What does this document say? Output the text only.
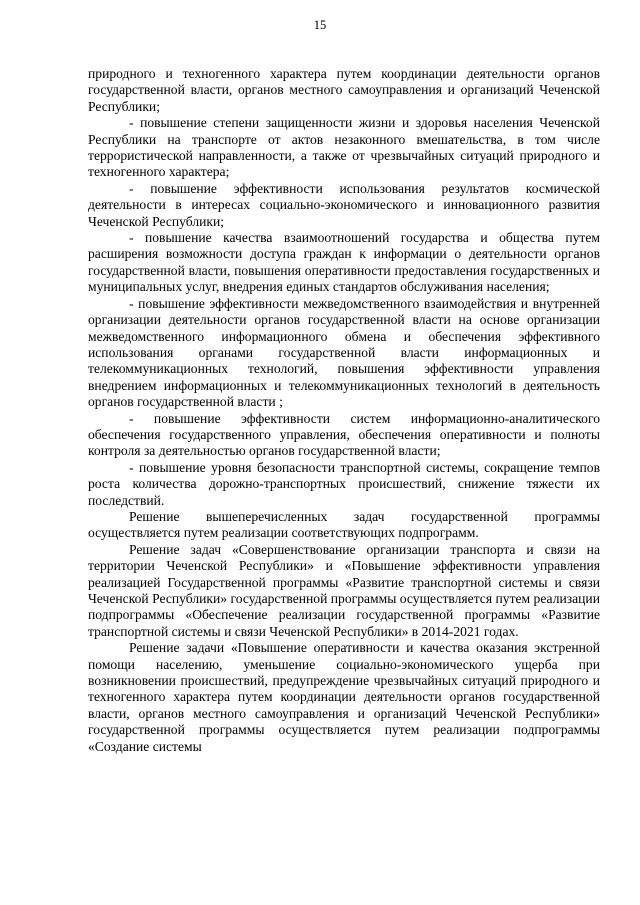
15

природного и техногенного характера путем координации деятельности органов государственной власти, органов местного самоуправления и организаций Чеченской Республики;

- повышение степени защищенности жизни и здоровья населения Чеченской Республики на транспорте от актов незаконного вмешательства, в том числе террористической направленности, а также от чрезвычайных ситуаций природного и техногенного характера;

- повышение эффективности использования результатов космической деятельности в интересах социально-экономического и инновационного развития Чеченской Республики;

- повышение качества взаимоотношений государства и общества путем расширения возможности доступа граждан к информации о деятельности органов государственной власти, повышения оперативности предоставления государственных и муниципальных услуг, внедрения единых стандартов обслуживания населения;

- повышение эффективности межведомственного взаимодействия и внутренней организации деятельности органов государственной власти на основе организации межведомственного информационного обмена и обеспечения эффективного использования органами государственной власти информационных и телекоммуникационных технологий, повышения эффективности управления внедрением информационных и телекоммуникационных технологий в деятельность органов государственной власти ;

- повышение эффективности систем информационно-аналитического обеспечения государственного управления, обеспечения оперативности и полноты контроля за деятельностью органов государственной власти;

- повышение уровня безопасности транспортной системы, сокращение темпов роста количества дорожно-транспортных происшествий, снижение тяжести их последствий.

Решение вышеперечисленных задач государственной программы осуществляется путем реализации соответствующих подпрограмм.

Решение задач «Совершенствование организации транспорта и связи на территории Чеченской Республики» и «Повышение эффективности управления реализацией Государственной программы «Развитие транспортной системы и связи Чеченской Республики» государственной программы осуществляется путем реализации подпрограммы «Обеспечение реализации государственной программы «Развитие транспортной системы и связи Чеченской Республики» в 2014-2021 годах.

Решение задачи «Повышение оперативности и качества оказания экстренной помощи населению, уменьшение социально-экономического ущерба при возникновении происшествий, предупреждение чрезвычайных ситуаций природного и техногенного характера путем координации деятельности органов государственной власти, органов местного самоуправления и организаций Чеченской Республики» государственной программы осуществляется путем реализации подпрограммы «Создание системы
